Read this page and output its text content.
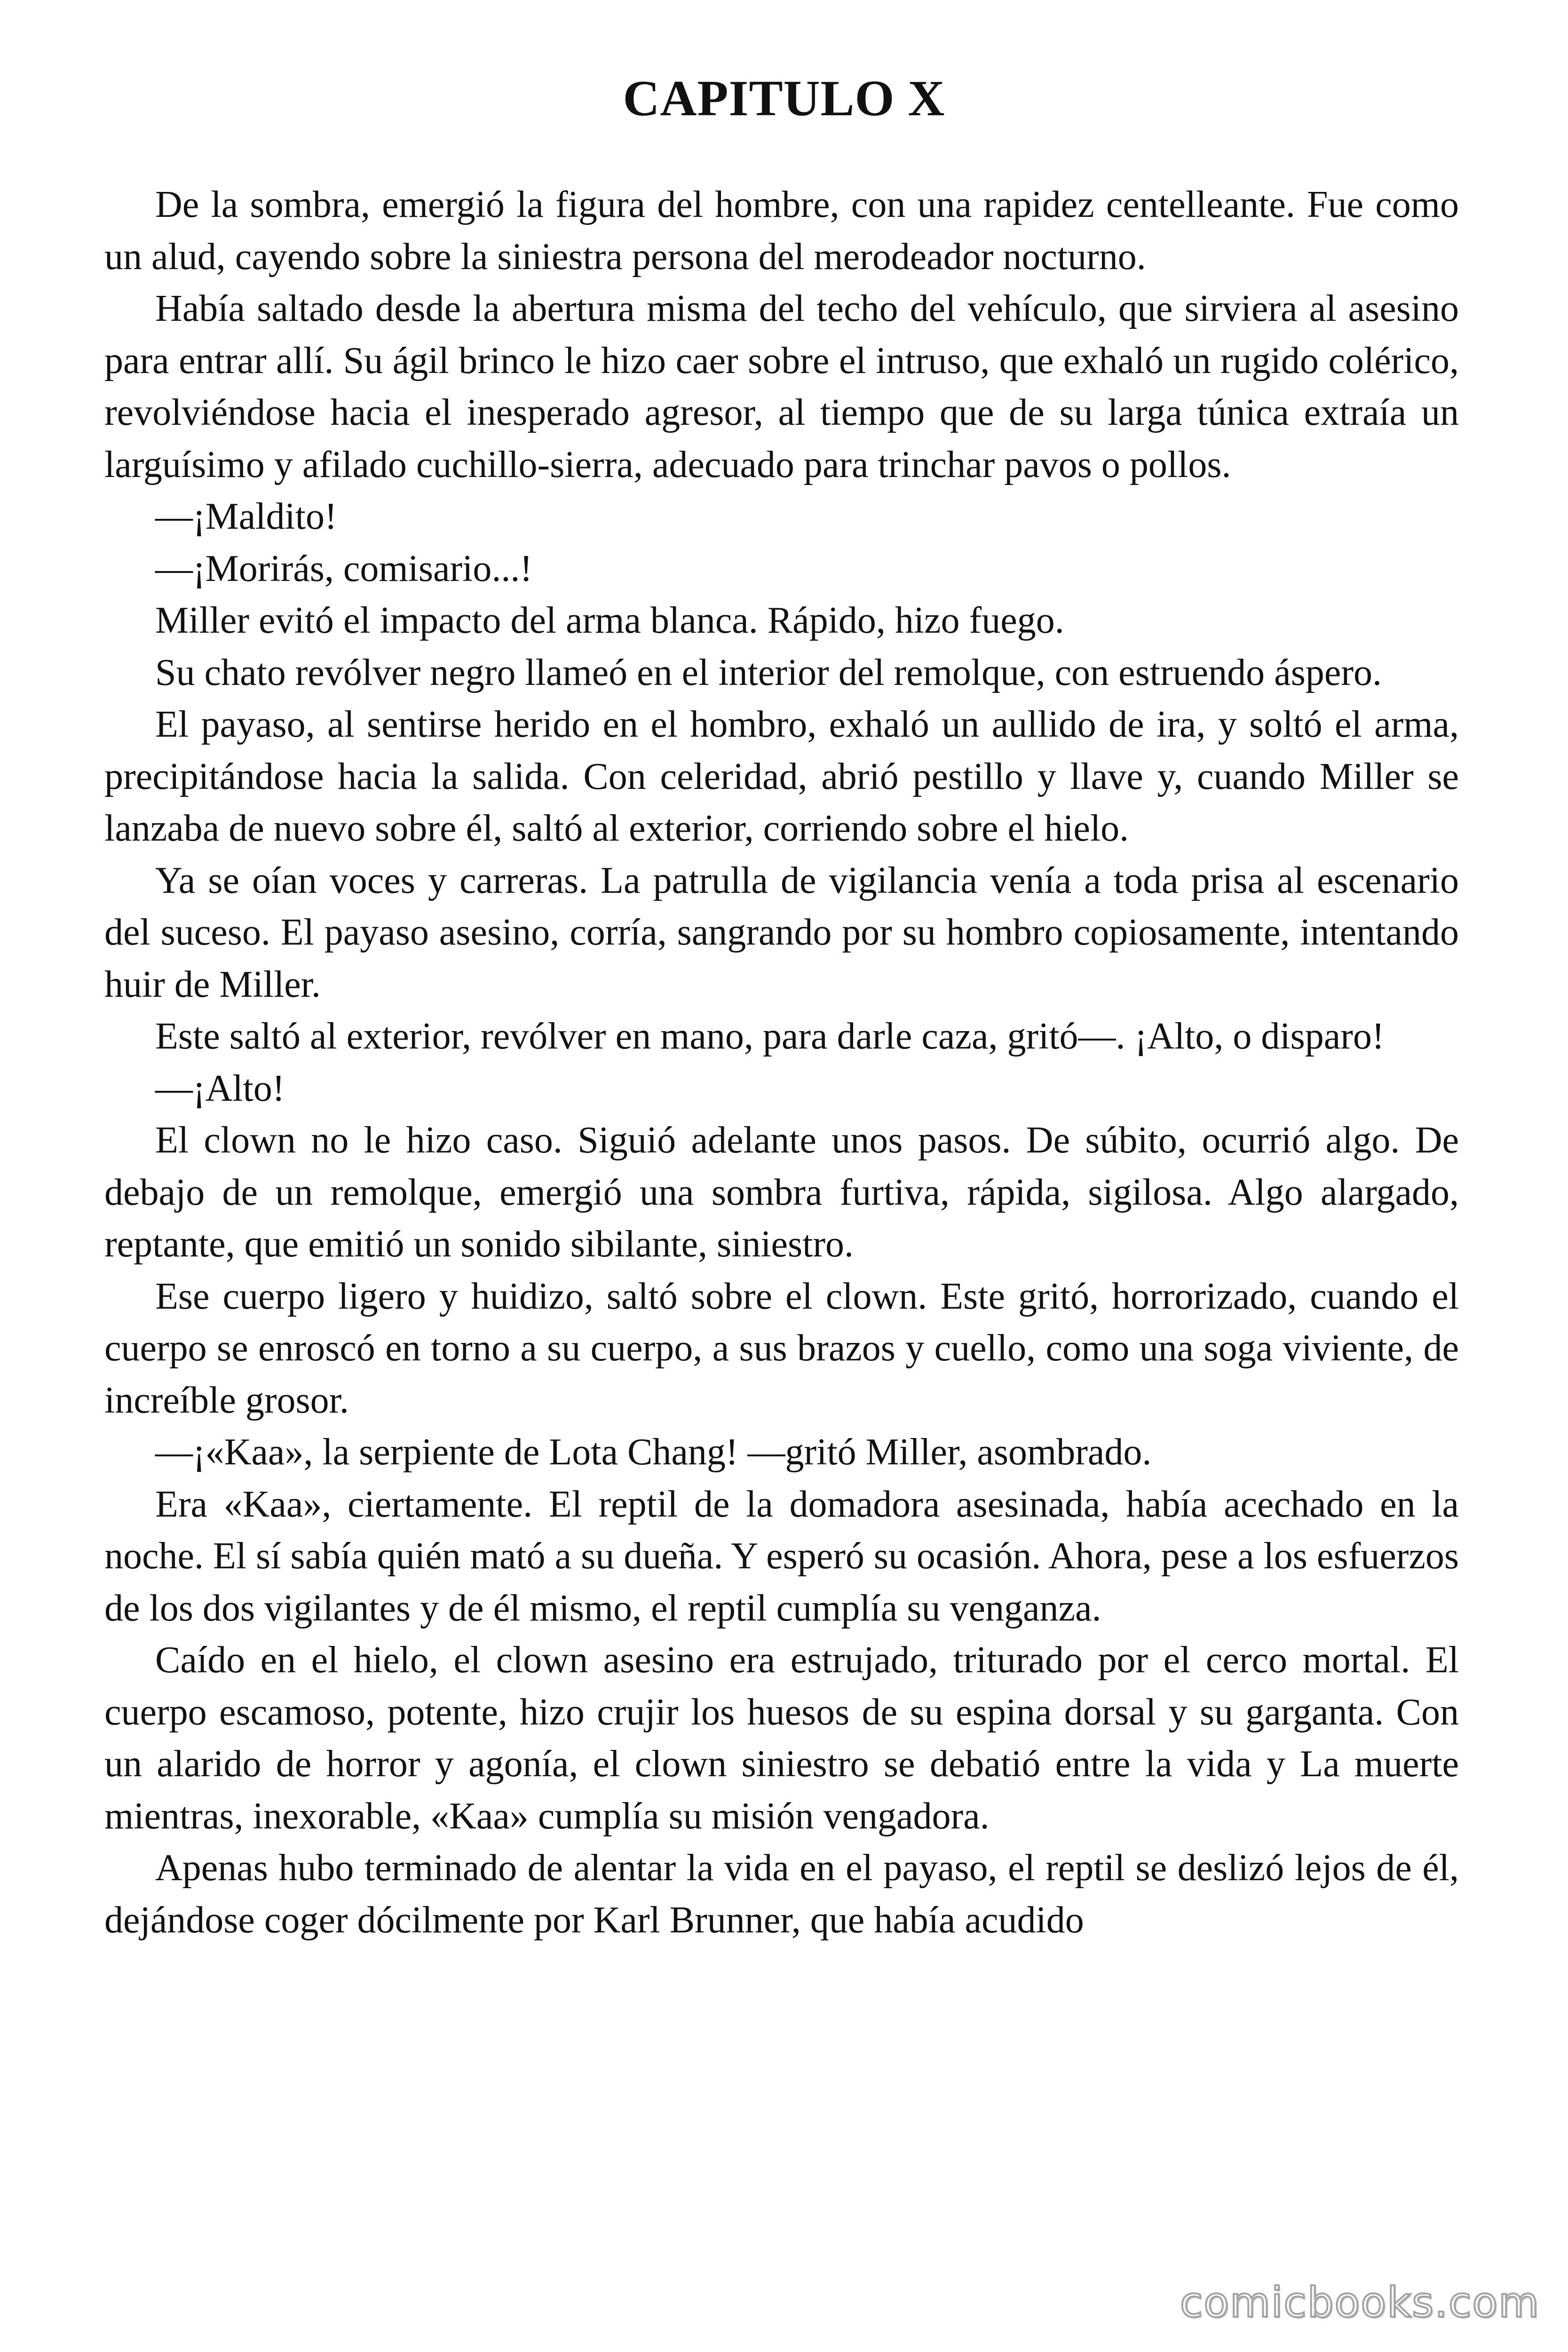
CAPITULO X

De la sombra, emergió la figura del hombre, con una rapidez centelleante. Fue como un alud, cayendo sobre la siniestra persona del merodeador nocturno.

Había saltado desde la abertura misma del techo del vehículo, que sirviera al asesino para entrar allí. Su ágil brinco le hizo caer sobre el intruso, que exhaló un rugido colérico, revolviéndose hacia el inesperado agresor, al tiempo que de su larga túnica extraía un larguísimo y afilado cuchillo-sierra, adecuado para trinchar pavos o pollos.

—¡Maldito!

—¡Morirás, comisario...!

Miller evitó el impacto del arma blanca. Rápido, hizo fuego.

Su chato revólver negro llameó en el interior del remolque, con estruendo áspero.

El payaso, al sentirse herido en el hombro, exhaló un aullido de ira, y soltó el arma, precipitándose hacia la salida. Con celeridad, abrió pestillo y llave y, cuando Miller se lanzaba de nuevo sobre él, saltó al exterior, corriendo sobre el hielo.

Ya se oían voces y carreras. La patrulla de vigilancia venía a toda prisa al escenario del suceso. El payaso asesino, corría, sangrando por su hombro copiosamente, intentando huir de Miller.

Este saltó al exterior, revólver en mano, para darle caza, gritó—. ¡Alto, o disparo!

—¡Alto!

El clown no le hizo caso. Siguió adelante unos pasos. De súbito, ocurrió algo. De debajo de un remolque, emergió una sombra furtiva, rápida, sigilosa. Algo alargado, reptante, que emitió un sonido sibilante, siniestro.

Ese cuerpo ligero y huidizo, saltó sobre el clown. Este gritó, horrorizado, cuando el cuerpo se enroscó en torno a su cuerpo, a sus brazos y cuello, como una soga viviente, de increíble grosor.

—¡«Kaa», la serpiente de Lota Chang! —gritó Miller, asombrado.

Era «Kaa», ciertamente. El reptil de la domadora asesinada, había acechado en la noche. El sí sabía quién mató a su dueña. Y esperó su ocasión. Ahora, pese a los esfuerzos de los dos vigilantes y de él mismo, el reptil cumplía su venganza.

Caído en el hielo, el clown asesino era estrujado, triturado por el cerco mortal. El cuerpo escamoso, potente, hizo crujir los huesos de su espina dorsal y su garganta. Con un alarido de horror y agonía, el clown siniestro se debatió entre la vida y La muerte mientras, inexorable, «Kaa» cumplía su misión vengadora.

Apenas hubo terminado de alentar la vida en el payaso, el reptil se deslizó lejos de él, dejándose coger dócilmente por Karl Brunner, que había acudido

comicbooks.com
